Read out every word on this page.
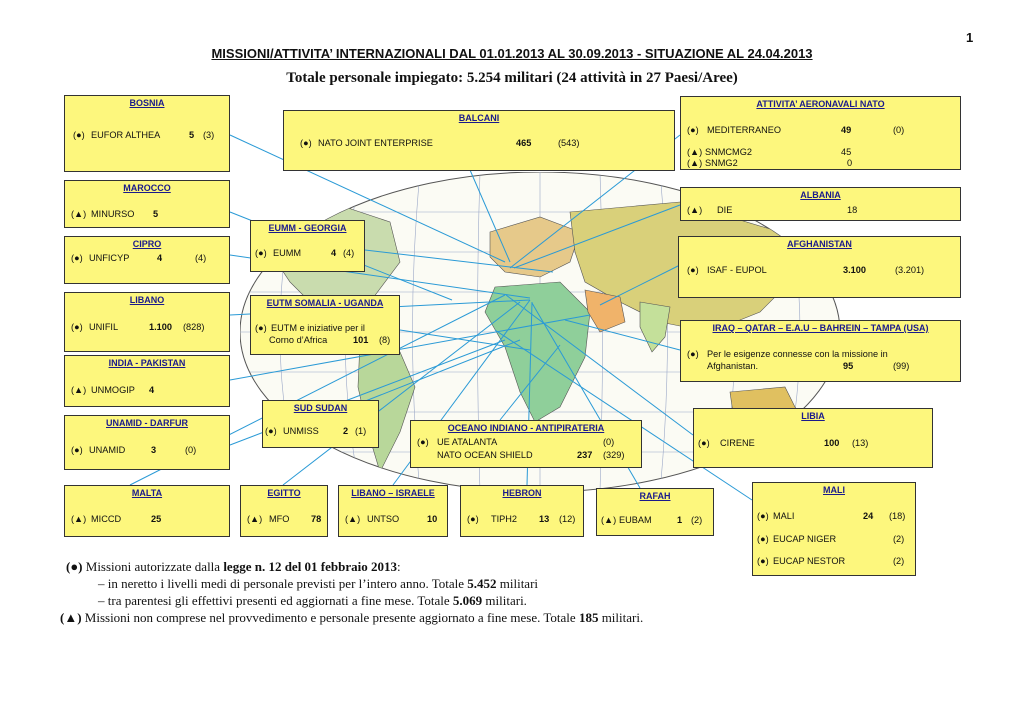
1
MISSIONI/ATTIVITA’ INTERNAZIONALI DAL 01.01.2013 AL 30.09.2013 - SITUAZIONE AL 24.04.2013
Totale personale impiegato: 5.254 militari (24 attività in 27 Paesi/Aree)
BOSNIA
(●) EUFOR ALTHEA	5 (3)
BALCANI
(●) NATO JOINT ENTERPRISE	465	(543)
ATTIVITA’ AERONAVALI NATO
(●) MEDITERRANEO	49	(0)
(▲) SNMCMG2	45
(▲) SNMG2	0
MAROCCO
(▲) MINURSO 5
ALBANIA
(▲) DIE	18
EUMM - GEORGIA
(●) EUMM	4 (4)
CIPRO
(●) UNFICYP	4	(4)
AFGHANISTAN
(●) ISAF - EUPOL	3.100	(3.201)
LIBANO
(●) UNIFIL	1.100 (828)
EUTM SOMALIA - UGANDA
(●) EUTM e iniziative per il
Corno d’Africa	101 (8)
IRAQ – QATAR – E.A.U – BAHREIN – TAMPA (USA)
(●) Per le esigenze connesse con la missione in
Afghanistan.	95	(99)
INDIA - PAKISTAN
(▲) UNMOGIP 4
SUD SUDAN
(●) UNMISS	2 (1)	OCEANO INDIANO - ANTIPIRATERIA
(●) UE ATALANTA	(0)
NATO OCEAN SHIELD	237 (329)
UNAMID - DARFUR
(●) UNAMID	3	(0)
LIBIA
(●) CIRENE	100 (13)
MALTA
(▲) MICCD	25
EGITTO
(▲) MFO 78
LIBANO – ISRAELE
(▲) UNTSO	10
HEBRON
(●) TIPH2 13 (12)
RAFAH
(▲) EUBAM	1 (2)
MALI
(●) MALI	24 (18)
(●) EUCAP NIGER	(2)
(●) EUCAP NESTOR	(2)
(●) Missioni autorizzate dalla legge n. 12 del 01 febbraio 2013:
– in neretto i livelli medi di personale previsti per l’intero anno. Totale 5.452 militari
– tra parentesi gli effettivi presenti ed aggiornati a fine mese. Totale 5.069 militari.
(▲) Missioni non comprese nel provvedimento e personale presente aggiornato a fine mese. Totale 185 militari.
